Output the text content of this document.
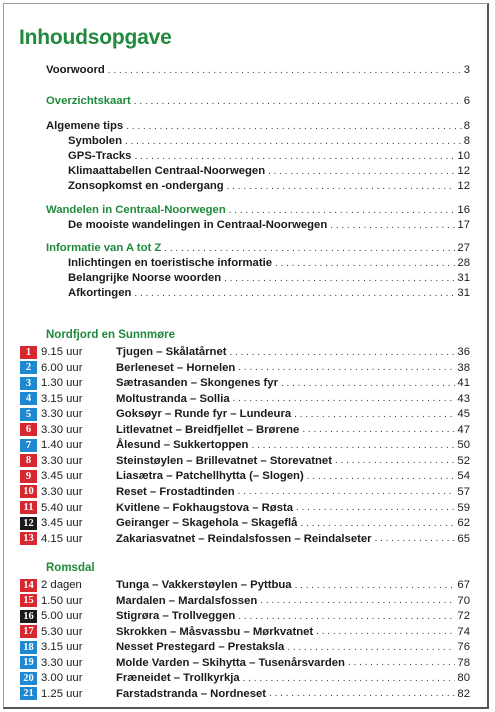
Inhoudsopgave
Voorwoord . . .	3
Overzichtskaart . . .	6
Algemene tips . . .	8
Symbolen . . .	8
GPS-Tracks . . .	10
Klimaattabellen Centraal-Noorwegen . . .	12
Zonsopkomst en -ondergang . . .	12
Wandelen in Centraal-Noorwegen . . .	16
De mooiste wandelingen in Centraal-Noorwegen . . .	17
Informatie van A tot Z . . .	27
Inlichtingen en toeristische informatie . . .	28
Belangrijke Noorse woorden . . .	31
Afkortingen . . .	31
Nordfjord en Sunnmøre
1 9.15 uur	Tjugen – Skålatårnet . . .	36
2 6.00 uur	Berleneset – Hornelen . . .	38
3 1.30 uur	Sætrasanden – Skongenes fyr . . .	41
4 3.15 uur	Moltustranda – Sollia . . .	43
5 3.30 uur	Goksøyr – Runde fyr – Lundeura . . .	45
6 3.30 uur	Litlevatnet – Breidfjellet – Brørene . . .	47
7 1.40 uur	Ålesund – Sukkertoppen . . .	50
8 3.30 uur	Steinstøylen – Brillevatnet – Storevatnet . . .	52
9 3.45 uur	Liasætra – Patchellhytta (– Slogen) . . .	54
10 3.30 uur	Reset – Frostadtinden . . .	57
11 5.40 uur	Kvitlene – Fokhaugstova – Røsta . . .	59
12 3.45 uur	Geiranger – Skagehola – Skageflå . . .	62
13 4.15 uur	Zakariasvatnet – Reindalsfossen – Reindalseter . . .	65
Romsdal
14 2 dagen	Tunga – Vakkerstøylen – Pyttbua . . .	67
15 1.50 uur	Mardalen – Mardalsfossen . . .	70
16 5.00 uur	Stigrøra – Trollveggen . . .	72
17 5.30 uur	Skrokken – Måsvassbu – Mørkvatnet . . .	74
18 3.15 uur	Nesset Prestegard – Prestaksla . . .	76
19 3.30 uur	Molde Varden – Skihytta – Tusenårsvarden . . .	78
20 3.00 uur	Fræneidet – Trollkyrkja . . .	80
21 1.25 uur	Farstadstranda – Nordneset . . .	82
